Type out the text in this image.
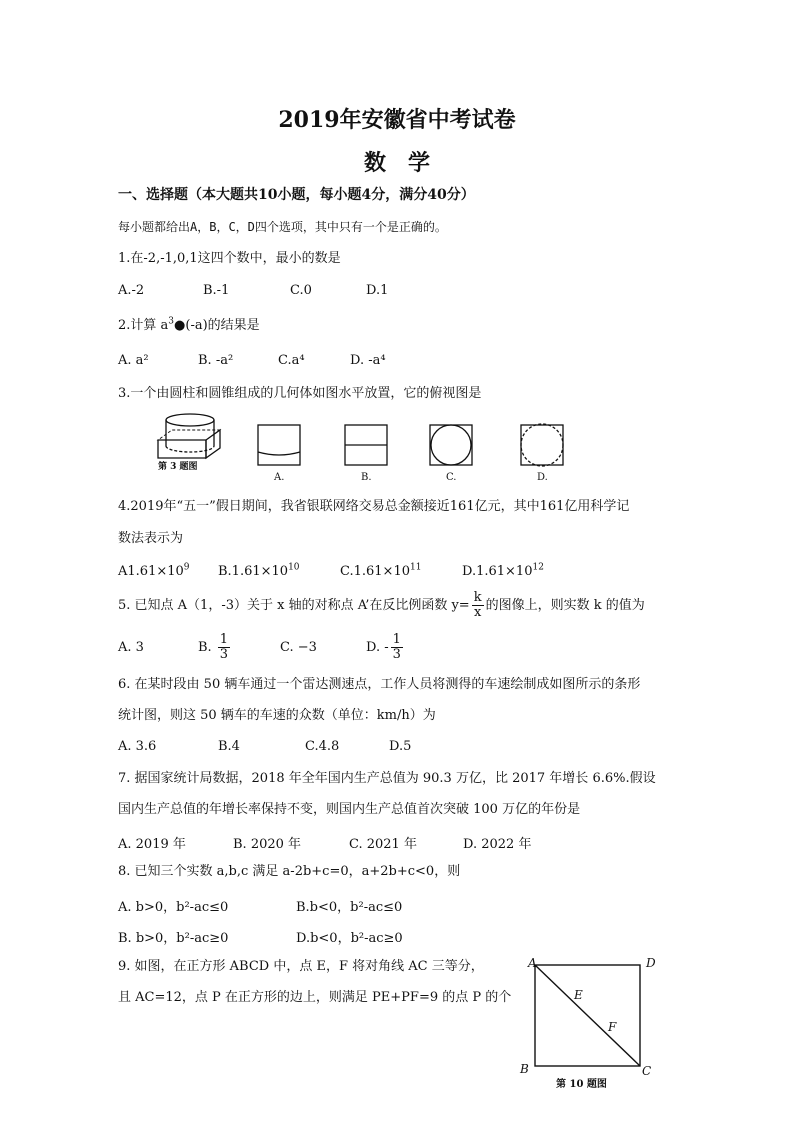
2019年安徽省中考试卷
数　学
一、选择题（本大题共10小题，每小题4分，满分40分）
每小题都给出A，B，C，D四个选项，其中只有一个是正确的。
1.在-2,-1,0,1这四个数中，最小的数是
A.-2	B.-1	C.0	D.1
2.计算 $a^3●(-a)$的结果是
A. a²	B. -a²	C.a⁴	D. -a⁴
3.一个由圆柱和圆锥组成的几何体如图水平放置，它的俯视图是
第 3 题图
A.	B.	C.	D.
4.2019年“五一”假日期间，我省银联网络交易总金额接近161亿元，其中161亿用科学记
数法表示为
$A1.61\times 10^9$ $B.1.61\times 10^{10}$	$C.1.61\times 10^{11}$	$D.1.61\times 10^{12}$
5. 已知点 A（1，-3）关于 x 轴的对称点 A’在反比例函数 $y= \frac{k}{x}$ 的图像上，则实数 k 的值为
A. 3	B. $\frac{1}{3}$	C. −3	D. - $\frac{1}{3}$
6. 在某时段由 50 辆车通过一个雷达测速点，工作人员将测得的车速绘制成如图所示的条形
统计图，则这 50 辆车的车速的众数（单位：km/h）为
A. 3.6	B.4	C.4.8	D.5
7. 据国家统计局数据，2018 年全年国内生产总值为 90.3 万亿，比 2017 年增长 6.6%.假设
国内生产总值的年增长率保持不变，则国内生产总值首次突破 100 万亿的年份是
A. 2019 年	B. 2020 年	C. 2021 年	D. 2022 年
8. 已知三个实数 a,b,c 满足 a-2b+c=0，a+2b+c<0，则
A. b>0，b²-ac≤0	B.b<0，b²-ac≤0
B. b>0，b²-ac≥0	D.b<0，b²-ac≥0
9. 如图，在正方形 ABCD 中，点 E，F 将对角线 AC 三等分，
且 AC=12，点 P 在正方形的边上，则满足 PE+PF=9 的点 P 的个
A	D
E
F
B	C
第 10 题图
